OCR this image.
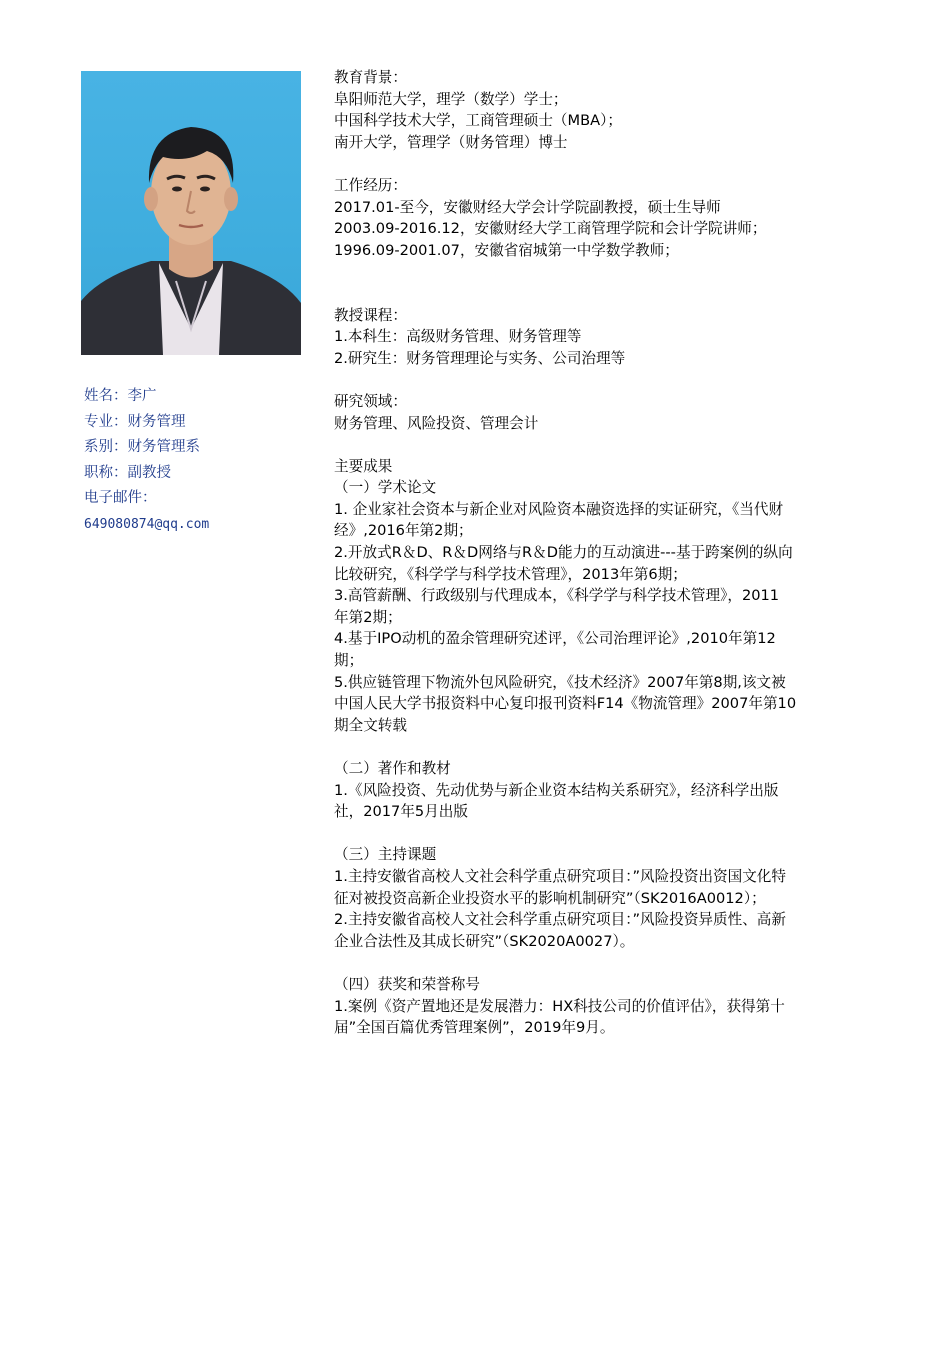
姓名：李广
专业：财务管理
系别：财务管理系
职称：副教授
电子邮件：
649080874@qq.com
教育背景：
阜阳师范大学，理学（数学）学士；
中国科学技术大学，工商管理硕士（MBA）；
南开大学，管理学（财务管理）博士
工作经历：
2017.01-至今，安徽财经大学会计学院副教授，硕士生导师
2003.09-2016.12，安徽财经大学工商管理学院和会计学院讲师；
1996.09-2001.07，安徽省宿城第一中学数学教师；
教授课程：
1.本科生：高级财务管理、财务管理等
2.研究生：财务管理理论与实务、公司治理等
研究领域：
财务管理、风险投资、管理会计
主要成果
（一）学术论文
1. 企业家社会资本与新企业对风险资本融资选择的实证研究，《当代财
经》,2016年第2期；
2.开放式R＆D、R＆D网络与R＆D能力的互动演进---基于跨案例的纵向
比较研究，《科学学与科学技术管理》，2013年第6期；
3.高管薪酬、行政级别与代理成本，《科学学与科学技术管理》，2011
年第2期；
4.基于IPO动机的盈余管理研究述评，《公司治理评论》,2010年第12
期；
5.供应链管理下物流外包风险研究，《技术经济》2007年第8期,该文被
中国人民大学书报资料中心复印报刊资料F14《物流管理》2007年第10
期全文转载
（二）著作和教材
1.《风险投资、先动优势与新企业资本结构关系研究》，经济科学出版
社，2017年5月出版
（三）主持课题
1.主持安徽省高校人文社会科学重点研究项目：”风险投资出资国文化特
征对被投资高新企业投资水平的影响机制研究”（SK2016A0012）；
2.主持安徽省高校人文社会科学重点研究项目：”风险投资异质性、高新
企业合法性及其成长研究”（SK2020A0027）。
（四）获奖和荣誉称号
1.案例《资产置地还是发展潜力：HX科技公司的价值评估》，获得第十
届”全国百篇优秀管理案例”，2019年9月。
